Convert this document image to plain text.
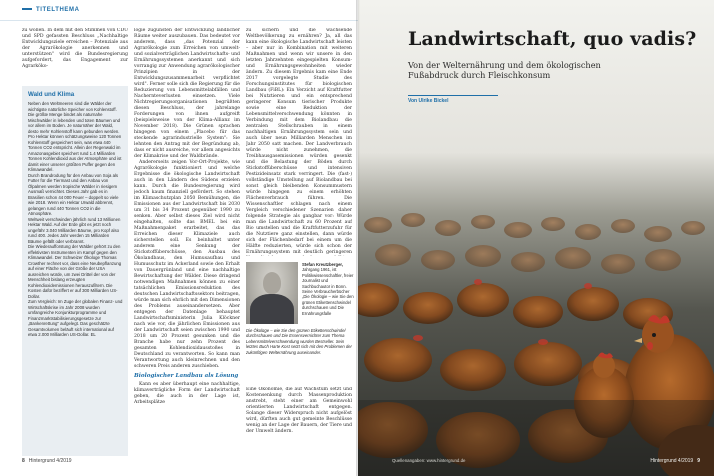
TITELTHEMA

zu wollen. In dem mit den Stimmen von CDU und SPD gefassten Beschluss „Nachhaltige Entwicklungsziele erreichen – Potenziale aus der Agrarökologie anerkennen und unterstützen" wird die Bundesregierung aufgefordert, das Engagement zur Agrarköko-

Wald und Klima

Neben den Weltmeeren sind die Wälder der wichtigste natürliche Speicher von Kohlenstoff. Die größte Menge bindet als naturnahe Mischwälder in lebenden und toten Bäumen und vor allem im Boden. Je naturnäher der Wald, desto mehr Kohlenstoff kann gebunden werden.

Pro Hektar können schätzungsweise 120 Tonnen Kohlenstoff gespeichert sein, was etwa 440 Tonnen CO2 entspricht. Allein der Regenwald im Amazonasgebiet speichert rund 1.4 Milliarden Tonnen Kohlendioxid aus der Atmosphäre und ist damit einer unserer größten Puffer gegen den Klimawandel.

Durch Brandrodung für den Anbau von Soja als Futter für die Tiermast und den Anbau von Ölpalmen werden tropische Wälder in riesigem Ausmaß vernichtet. Dieses Jahr gab es in Brasilien schon 44 000 Feuer – doppelt so viele wie 2018. Wenn ein Hektar Urwald abbrennt, gelangen rund 440 Tonnen CO2 in die Atmosphäre.

Weltweit verschwinden jährlich rund 13 Millionen Hektar Wald. Auf der Erde gibt es jetzt noch ungefähr 3.040 Milliarden Bäume, pro Kopf also rund 400. Jedes Jahr werden 15 Milliarden Bäume gefällt oder verbrannt.

Die Wiederaufforstung der Wälder gehört zu den effektivsten Instrumenten im Kampf gegen den Klimawandel. Der Schweizer Ökologe Thomas Crowther rechnet vor, dass eine Neubepflanzung auf einer Fläche von der Größe der USA ausreichen würde, um zwei Drittel der von der Menschheit bislang erzeugten Kohlendioxidemissionen herauszufiltern. Die Kosten dafür beziffert er auf 300 Milliarden US-Dollar.

Zum Vergleich: Im Zuge der globalen Finanz- und Wirtschaftskrise im Jahr 2008 wurden umfangreiche Konjunkturprogramme und Finanzmarktstabilisierungsgesetze zur „Bankenrettung" aufgelegt. Das geschätzte Gesamtvolumen beläuft sich international auf etwa 2.000 Milliarden US-Dollar. EL

logie zugunsten der Entwicklung ländlicher Räume weiter auszubauen. Das bedeutet vor anderem, dass „das Potenzial der Agrarökologie zum Erreichen von umwelt- und sozialverträglichen Landwirtschafts- und Ernährungssystemen anerkannt und sich vorrangig zur Anwendung agrarökologischer Prinzipien in der Entwicklungszusammenarbeit verpflichtet wird". Ferner solle sich die Regierung für die Reduzierung von Lebensmittelabfällen und Nachernteverlusten einsetzen. Viele Nichtregierungsorganisationen begrüßten diesen Beschluss, der jahrelange Forderungen von ihnen aufgreift (beispielsweise von der Klima-Allianz im November 2018). Die Grünen sprachen hingegen von einem „Placebo für das steckende agrarindustrielle System": Sie lehnten den Antrag mit der Begründung ab, dass er nicht ausreiche, vor allem angesichts der Klimakrise und der Waldbrände.

Andererseits zeigen Vor-Ort-Projekte, wie Agrarökologie funktioniert und welche Ergebnisse die ökologische Landwirtschaft auch in den Ländern des Südens erzielen kann. Durch die Bundesregierung wird jedoch kaum finanziell gefördert. So stehen im Klimaschutzplan 2050 Bemühungen, die Emissionen aus der Landwirtschaft bis 2030 um 31 bis 34 Prozent gegenüber 1990 zu senken. Aber selbst dieses Ziel wird nicht eingehalten, sollte das BMEL bei ein Maßnahmenpaket erarbeitet, das das Erreichen dieser Klimaziele auch sicherstellen soll. Es beinhaltet unter anderem eine Senkung der Stickstoffüberschüsse, den Ausbau des Ökolandbaus, den Humusaufbau und Humusschutz im Ackerland sowie den Erhalt von Dauergrünland und eine nachhaltige Bewirtschaftung der Wälder. Diese dringend notwendigen Maßnahmen können zu einer tatsächlichen Emissionsreduktion des deutschen Landwirtschaftssektors beitragen, würde man sich ehrlich mit den Dimensionen des Problems auseinandersetzen. Aber entgegen der Datenlage behauptet Landwirtschaftsministerin Julia Klöckner nach wie vor, die jährlichen Emissionen aus der Landwirtschaft seien zwischen 1990 und 2018 um 20 Prozent gesunken und die Branche habe nur zehn Prozent des gesamten Kohlendioxidausstoßes in Deutschland zu verantworten. So kann man Verantwortung auch kleinrechnen und den schweren Preis anderen zuschieben.

Biologischer Landbau als Lösung

Kann es aber überhaupt eine nachhaltige, klimaverträgliche Form der Landwirtschaft geben, die auch in der Lage ist, Arbeitsplätze

zu sichern und die wachsende Weltbevölkerung zu ernähren? Ja, all das kann eine ökologische Landwirtschaft leisten – aber nur in Kombination mit weiteren Maßnahmen und wenn wir unsere in den letzten Jahrzehnten eingespielten Konsum- und Ernährungsgewohnheiten wieder ändern. Zu diesem Ergebnis kam eine Ende 2017 vorgelegte Studie des Forschungsinstitutes für biologischen Landbau (FiBL): Ein Verzicht auf Kraftfutter bei Nutztieren und ein entsprechend geringerer Konsum tierischer Produkte sowie eine Reduktion der Lebensmittelverschwendung könnten in Verbindung mit dem Biolandbau die zentralen Stellschrauben in einem nachhaltigen Ernährungssystem sein und auch über neun Milliarden Menschen im Jahr 2050 satt machen. Der Landverbrauch würde nicht zunehmen, die Treibhausgasemissionen würden gesenkt und die Belastung der Böden durch Stickstoffüberschüsse und intensiven Pestizideinsatz stark verringert. Die (fast-) vollständige Umstellung auf Biolandbau bei sonst gleich bleibenden Konsummustern würde hingegen zu einem erhöhten Flächenverbrauch führen. Die Wissenschaftler schlagen nach einem Vergleich verschiedener Szenarien daher folgende Strategie als gangbar vor: Würde man die Landwirtschaft zu 60 Prozent auf Bio umstellen und die Kraftfutterzufuhr für die Nutztiere ganz einstellen, dann würde sich der Flächenbedarf bei einem um die Hälfte reduzierten, würde sich schon der Ernährungssystem mit deutlich geringeren

Stefan Kreutzberger,
Jahrgang 1961, ist Politikwissenschaftler, freier Journalist und Sachbuchautor in Bonn. Seine Verbraucherbücher „Die Ökologie – wie Sie den grünen Etikettenschwindel durchschauen und Die Ernährungsfalle
Die Ökolüge – wie Sie den grünen Etikettenschwindel durchschauen und Die Essensvernichter zum Thema Lebensmittelverschwendung wurden Bestseller. Sein letztes Buch Harte Kost setzt sich mit den Problemen der zukünftigen Welternährung auseinander.

Eine Ökonomie, die auf Wachstum setzt und Kostensenkung durch Massenproduktion anstrebt, steht einer am Gemeinwohl orientierten Landwirtschaft entgegen. Solange dieser Widerspruch nicht aufgelöst wird, dürften auch gut gemeinte Beschlüsse wenig an der Lage der Bauern, der Tiere und der Umwelt ändern.

8 Hintergrund 4/2019
Landwirtschaft, quo vadis?
Von der Welternährung und dem ökologischen Fußabdruck durch Fleischkonsum
Von Ulrike Bickel
Quellenangaben: www.hintergrund.de	Hintergrund 4/2019 9
